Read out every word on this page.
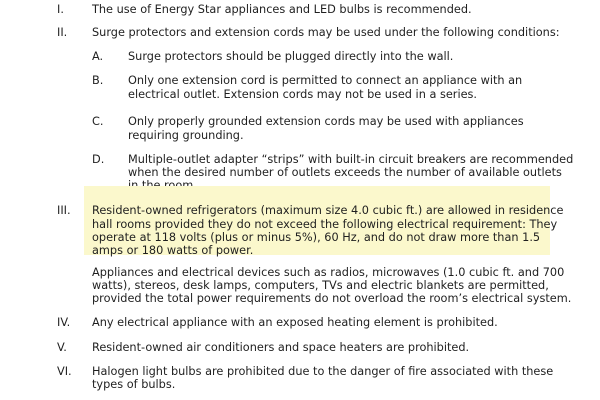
I. The use of Energy Star appliances and LED bulbs is recommended.
II. Surge protectors and extension cords may be used under the following conditions:
A. Surge protectors should be plugged directly into the wall.
B. Only one extension cord is permitted to connect an appliance with an
electrical outlet. Extension cords may not be used in a series.
C. Only properly grounded extension cords may be used with appliances
requiring grounding.
D. Multiple-outlet adapter “strips” with built-in circuit breakers are recommended
when the desired number of outlets exceeds the number of available outlets
III. Resident-owned refrigerators (maximum size 4.0 cubic ft.) are allowed in residence
hall rooms provided they do not exceed the following electrical requirement: They
operate at 118 volts (plus or minus 5%), 60 Hz, and do not draw more than 1.5
amps or 180 watts of power.
Appliances and electrical devices such as radios, microwaves (1.0 cubic ft. and 700
watts), stereos, desk lamps, computers, TVs and electric blankets are permitted,
provided the total power requirements do not overload the room’s electrical system.
IV. Any electrical appliance with an exposed heating element is prohibited.
V. Resident-owned air conditioners and space heaters are prohibited.
VI. Halogen light bulbs are prohibited due to the danger of fire associated with these
types of bulbs.
